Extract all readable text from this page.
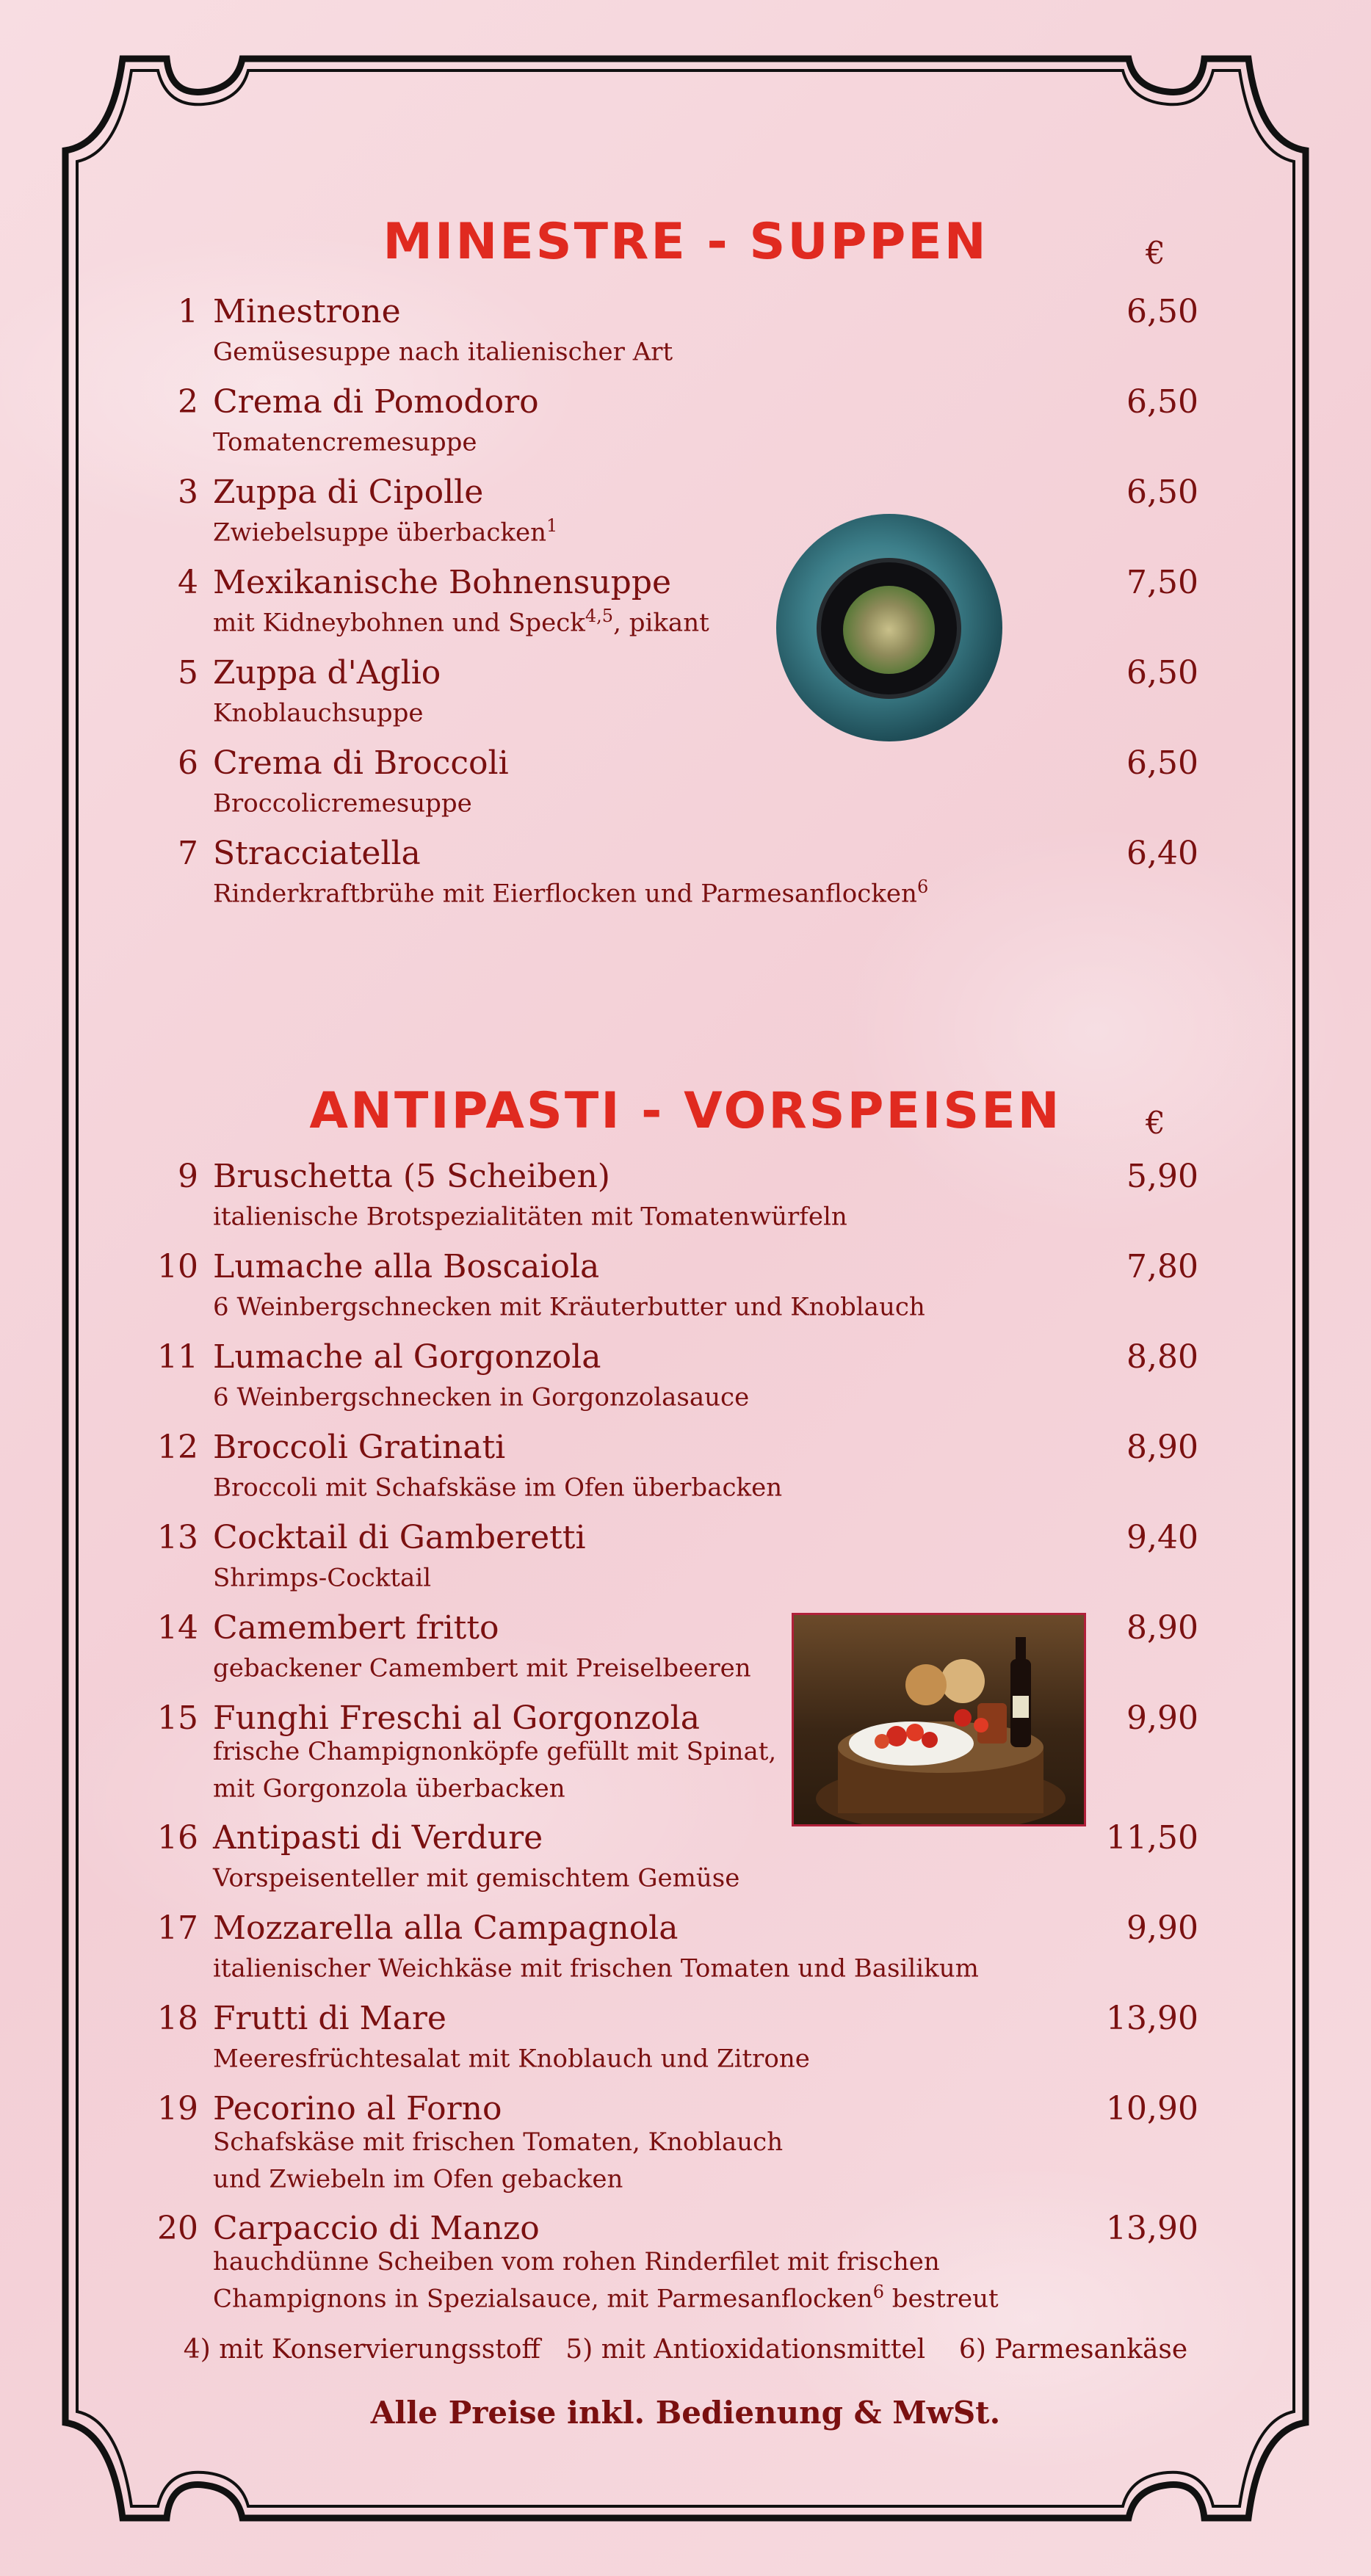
MINESTRE - SUPPEN	€
1 Minestrone
Gemüsesuppe nach italienischer Art
6,50
2 Crema di Pomodoro
Tomatencremesuppe
6,50
3 Zuppa di Cipolle
Zwiebelsuppe überbacken$^1$
6,50
4 Mexikanische Bohnensuppe
mit Kidneybohnen und Speck$^{4,5}$, pikant
7,50
5 Zuppa d'Aglio
Knoblauchsuppe
6,50
6 Crema di Broccoli
Broccolicremesuppe
6,50
7 Stracciatella
Rinderkraftbrühe mit Eierflocken und Parmesanflocken$^6$
6,40
ANTIPASTI - VORSPEISEN	€
9 Bruschetta (5 Scheiben)
italienische Brotspezialitäten mit Tomatenwürfeln
5,90
10 Lumache alla Boscaiola
6 Weinbergschnecken mit Kräuterbutter und Knoblauch
7,80
11 Lumache al Gorgonzola
6 Weinbergschnecken in Gorgonzolasauce
8,80
12 Broccoli Gratinati
Broccoli mit Schafskäse im Ofen überbacken
8,90
13 Cocktail di Gamberetti
Shrimps-Cocktail
9,40
14 Camembert fritto
gebackener Camembert mit Preiselbeeren
8,90
15 Funghi Freschi al Gorgonzola
frische Champignonköpfe gefüllt mit Spinat,
mit Gorgonzola überbacken
9,90
16 Antipasti di Verdure
Vorspeisenteller mit gemischtem Gemüse
11,50
17 Mozzarella alla Campagnola
italienischer Weichkäse mit frischen Tomaten und Basilikum
9,90
18 Frutti di Mare
Meeresfrüchtesalat mit Knoblauch und Zitrone
13,90
19 Pecorino al Forno
Schafskäse mit frischen Tomaten, Knoblauch
und Zwiebeln im Ofen gebacken
10,90
20 Carpaccio di Manzo
hauchdünne Scheiben vom rohen Rinderfilet mit frischen
Champignons in Spezialsauce, mit Parmesanflocken$^6$ bestreut
13,90
4) mit Konservierungsstoff   5) mit Antioxidationsmittel    6) Parmesankäse
Alle Preise inkl. Bedienung & MwSt.
